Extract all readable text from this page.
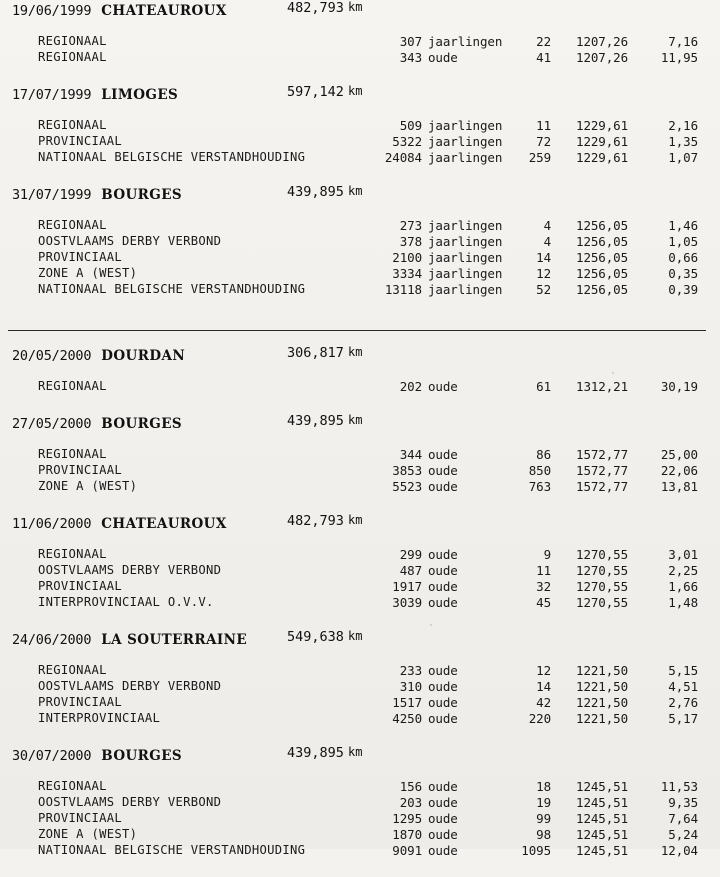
19/06/1999 CHATEAUROUX	482,793 km
REGIONAAL	307 jaarlingen	22	1207,26	7,16
REGIONAAL	343 oude	41	1207,26	11,95
17/07/1999 LIMOGES	597,142 km
REGIONAAL	509 jaarlingen	11	1229,61	2,16
PROVINCIAAL	5322 jaarlingen	72	1229,61	1,35
NATIONAAL BELGISCHE VERSTANDHOUDING	24084 jaarlingen	259	1229,61	1,07
31/07/1999 BOURGES	439,895 km
REGIONAAL	273 jaarlingen	4	1256,05	1,46
OOSTVLAAMS DERBY VERBOND	378 jaarlingen	4	1256,05	1,05
PROVINCIAAL	2100 jaarlingen	14	1256,05	0,66
ZONE A (WEST)	3334 jaarlingen	12	1256,05	0,35
NATIONAAL BELGISCHE VERSTANDHOUDING	13118 jaarlingen	52	1256,05	0,39
20/05/2000 DOURDAN	306,817 km
REGIONAAL	202 oude	61	1312,21	30,19
27/05/2000 BOURGES	439,895 km
REGIONAAL	344 oude	86	1572,77	25,00
PROVINCIAAL	3853 oude	850	1572,77	22,06
ZONE A (WEST)	5523 oude	763	1572,77	13,81
11/06/2000 CHATEAUROUX	482,793 km
REGIONAAL	299 oude	9	1270,55	3,01
OOSTVLAAMS DERBY VERBOND	487 oude	11	1270,55	2,25
PROVINCIAAL	1917 oude	32	1270,55	1,66
INTERPROVINCIAAL O.V.V.	3039 oude	45	1270,55	1,48
24/06/2000 LA SOUTERRAINE	549,638 km
REGIONAAL	233 oude	12	1221,50	5,15
OOSTVLAAMS DERBY VERBOND	310 oude	14	1221,50	4,51
PROVINCIAAL	1517 oude	42	1221,50	2,76
INTERPROVINCIAAL	4250 oude	220	1221,50	5,17
30/07/2000 BOURGES	439,895 km
REGIONAAL	156 oude	18	1245,51	11,53
OOSTVLAAMS DERBY VERBOND	203 oude	19	1245,51	9,35
PROVINCIAAL	1295 oude	99	1245,51	7,64
ZONE A (WEST)	1870 oude	98	1245,51	5,24
NATIONAAL BELGISCHE VERSTANDHOUDING	9091 oude	1095	1245,51	12,04
